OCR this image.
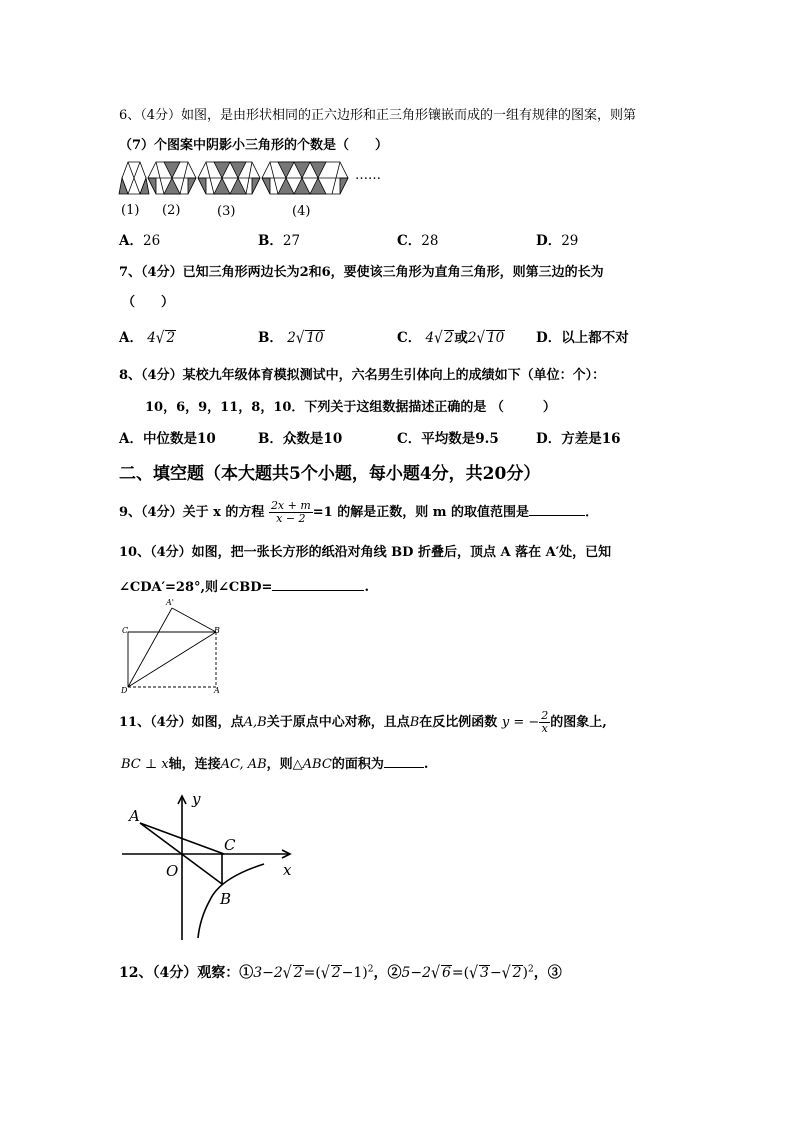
6、（4分）如图，是由形状相同的正六边形和正三角形镶嵌而成的一组有规律的图案，则第
（7）个图案中阴影小三角形的个数是（　　）
……
(1) (2)	(3)	(4)
A．26	B．27	C．28	D．29
7、（4分）已知三角形两边长为2和6，要使该三角形为直角三角形，则第三边的长为
（　　）
A． 4√ 2	B． 2√ 10	C． 4√ 2或2√ 10 D．以上都不对
8、（4分）某校九年级体育模拟测试中，六名男生引体向上的成绩如下（单位：个）：
10，6，9，11，8，10．下列关于这组数据描述正确的是 （　　　）
A．中位数是10	B．众数是10	C．平均数是9.5	D．方差是16
二、填空题（本大题共5个小题，每小题4分，共20分）
9、（4分）关于 x 的方程 $\frac{2x + m}{x - 2} =1$ 的解是正数，则 m 的取值范围是	．
10、（4分）如图，把一张长方形的纸沿对角线 BD 折叠后，顶点 A 落在 A′处，已知
∠CDA′=28°,则∠CBD=	.
A'
B
C
D	A
11、（4分）如图，点A,B关于原点中心对称，且点B在反比例函数 y = − $\frac{2}{x}$ 的图象上,
BC ⊥ x轴，连接AC, AB，则△ABC的面积为	.
A
y
C
O	x
B
12、（4分）观察：①3−2√ 2=(√ 2−1)$^2$，②5−2√ 6=(√ 3−√ 2)$^2$，③
